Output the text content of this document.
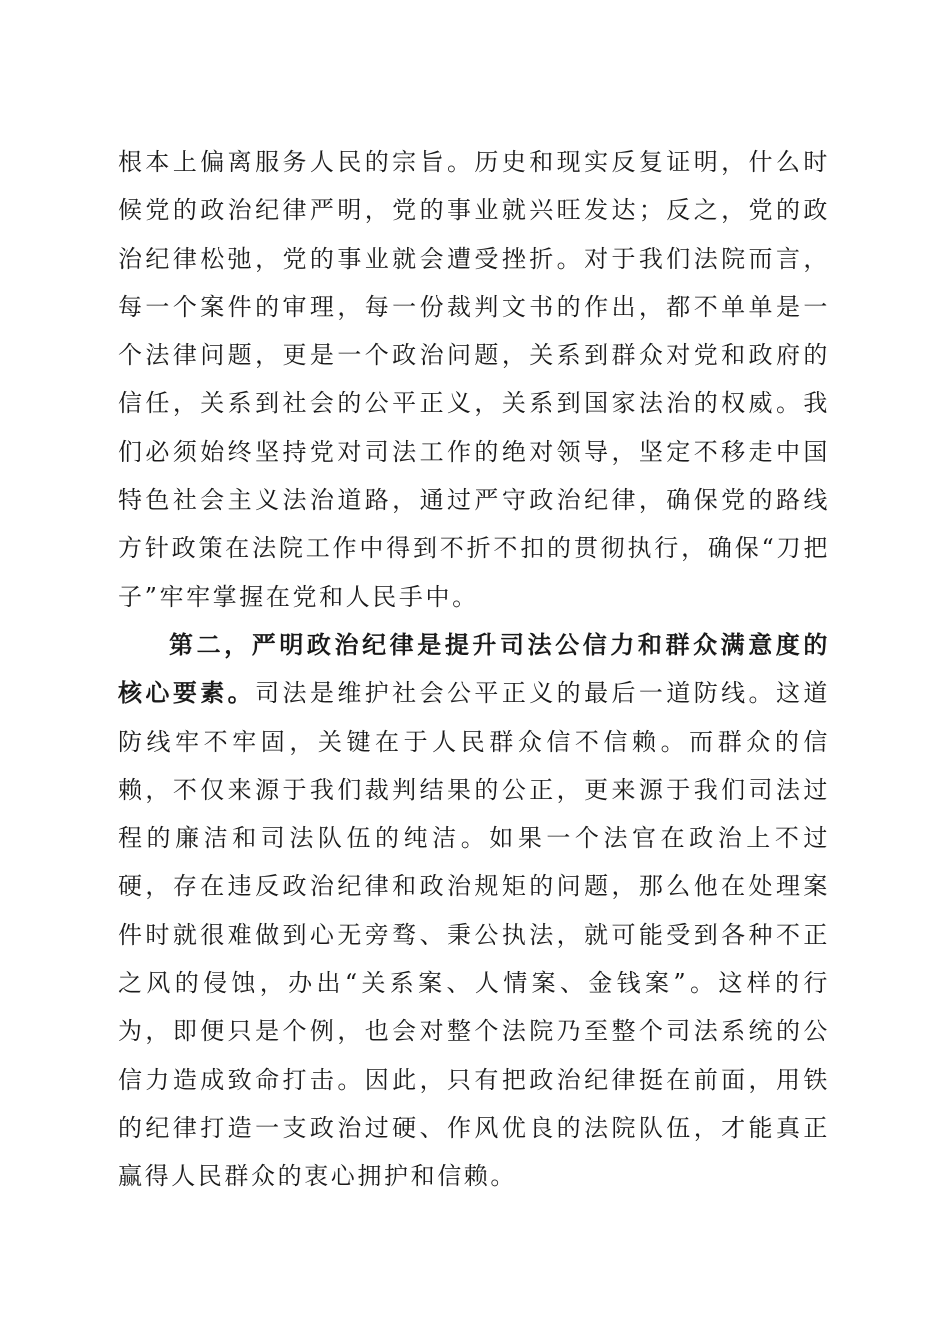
根本上偏离服务人民的宗旨。历史和现实反复证明，什么时候党的政治纪律严明，党的事业就兴旺发达；反之，党的政治纪律松弛，党的事业就会遭受挫折。对于我们法院而言，每一个案件的审理，每一份裁判文书的作出，都不单单是一个法律问题，更是一个政治问题，关系到群众对党和政府的信任，关系到社会的公平正义，关系到国家法治的权威。我们必须始终坚持党对司法工作的绝对领导，坚定不移走中国特色社会主义法治道路，通过严守政治纪律，确保党的路线方针政策在法院工作中得到不折不扣的贯彻执行，确保“刀把子”牢牢掌握在党和人民手中。

第二，严明政治纪律是提升司法公信力和群众满意度的核心要素。司法是维护社会公平正义的最后一道防线。这道防线牢不牢固，关键在于人民群众信不信赖。而群众的信赖，不仅来源于我们裁判结果的公正，更来源于我们司法过程的廉洁和司法队伍的纯洁。如果一个法官在政治上不过硬，存在违反政治纪律和政治规矩的问题，那么他在处理案件时就很难做到心无旁骛、秉公执法，就可能受到各种不正之风的侵蚀，办出“关系案、人情案、金钱案”。这样的行为，即便只是个例，也会对整个法院乃至整个司法系统的公信力造成致命打击。因此，只有把政治纪律挺在前面，用铁的纪律打造一支政治过硬、作风优良的法院队伍，才能真正赢得人民群众的衷心拥护和信赖。
